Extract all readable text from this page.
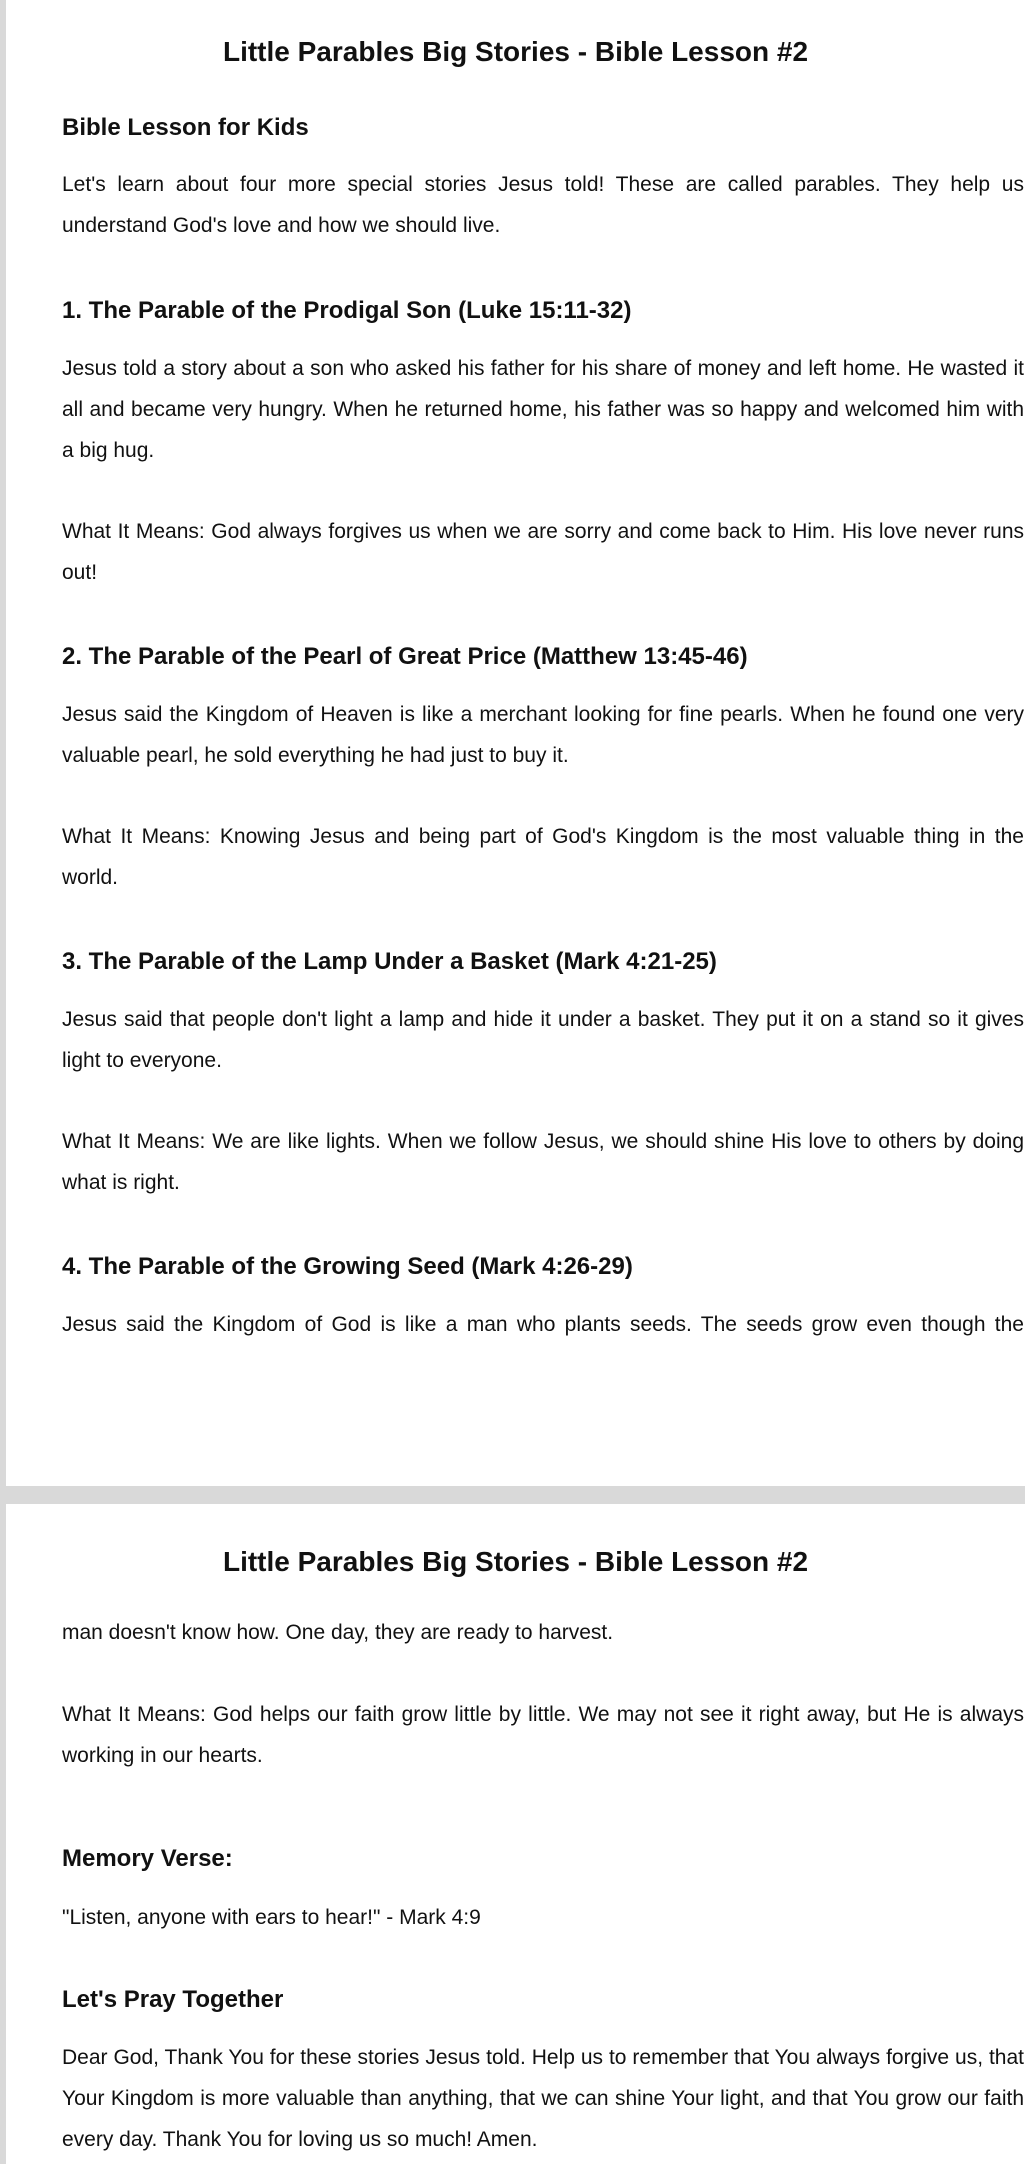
Little Parables Big Stories - Bible Lesson #2
Bible Lesson for Kids

Let's learn about four more special stories Jesus told! These are called parables. They help us understand God's love and how we should live.

1. The Parable of the Prodigal Son (Luke 15:11-32)

Jesus told a story about a son who asked his father for his share of money and left home. He wasted it all and became very hungry. When he returned home, his father was so happy and welcomed him with a big hug.

What It Means: God always forgives us when we are sorry and come back to Him. His love never runs out!

2. The Parable of the Pearl of Great Price (Matthew 13:45-46)

Jesus said the Kingdom of Heaven is like a merchant looking for fine pearls. When he found one very valuable pearl, he sold everything he had just to buy it.

What It Means: Knowing Jesus and being part of God's Kingdom is the most valuable thing in the world.

3. The Parable of the Lamp Under a Basket (Mark 4:21-25)

Jesus said that people don't light a lamp and hide it under a basket. They put it on a stand so it gives light to everyone.

What It Means: We are like lights. When we follow Jesus, we should shine His love to others by doing what is right.

4. The Parable of the Growing Seed (Mark 4:26-29)

Jesus said the Kingdom of God is like a man who plants seeds. The seeds grow even though the

Little Parables Big Stories - Bible Lesson #2

man doesn't know how. One day, they are ready to harvest.

What It Means: God helps our faith grow little by little. We may not see it right away, but He is always working in our hearts.

Memory Verse:

"Listen, anyone with ears to hear!" - Mark 4:9

Let's Pray Together

Dear God, Thank You for these stories Jesus told. Help us to remember that You always forgive us, that Your Kingdom is more valuable than anything, that we can shine Your light, and that You grow our faith every day. Thank You for loving us so much! Amen.
